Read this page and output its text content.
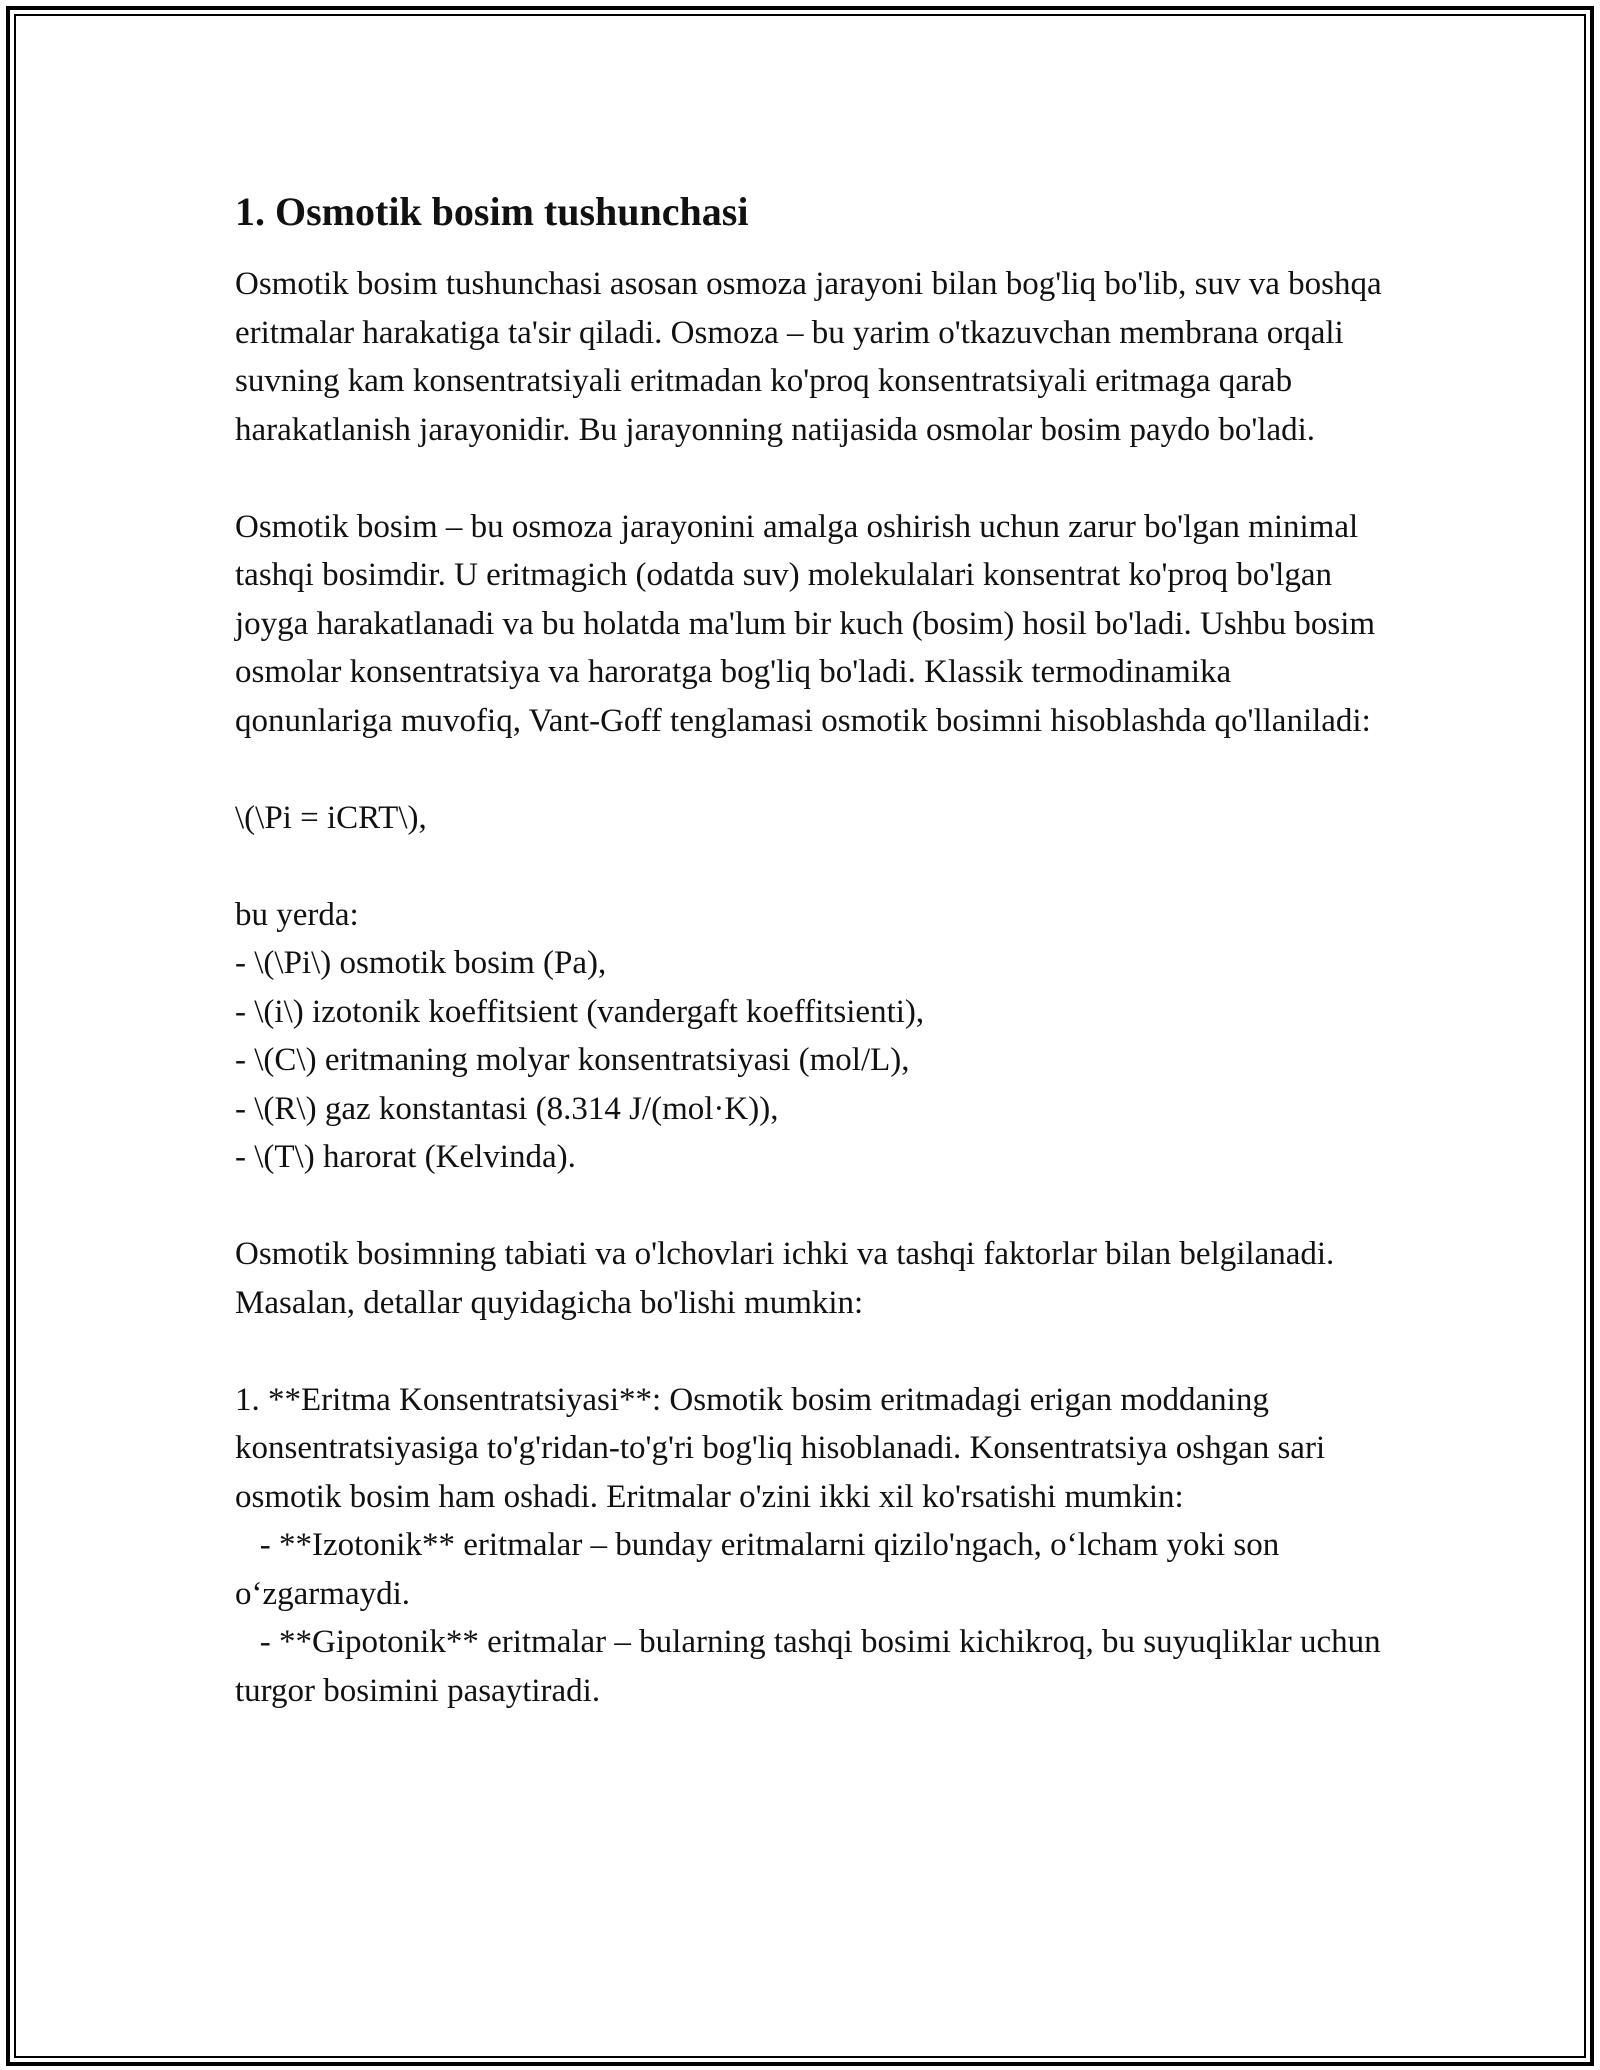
1. Osmotik bosim tushunchasi

Osmotik bosim tushunchasi asosan osmoza jarayoni bilan bog'liq bo'lib, suv va boshqa eritmalar harakatiga ta'sir qiladi. Osmoza – bu yarim o'tkazuvchan membrana orqali suvning kam konsentratsiyali eritmadan ko'proq konsentratsiyali eritmaga qarab harakatlanish jarayonidir. Bu jarayonning natijasida osmolar bosim paydo bo'ladi.

Osmotik bosim – bu osmoza jarayonini amalga oshirish uchun zarur bo'lgan minimal tashqi bosimdir. U eritmagich (odatda suv) molekulalari konsentrat ko'proq bo'lgan joyga harakatlanadi va bu holatda ma'lum bir kuch (bosim) hosil bo'ladi. Ushbu bosim osmolar konsentratsiya va haroratga bog'liq bo'ladi. Klassik termodinamika qonunlariga muvofiq, Vant-Goff tenglamasi osmotik bosimni hisoblashda qo'llaniladi:

\(\Pi = iCRT\),

bu yerda:
- \(\Pi\) osmotik bosim (Pa),
- \(i\) izotonik koeffitsient (vandergaft koeffitsienti),
- \(C\) eritmaning molyar konsentratsiyasi (mol/L),
- \(R\) gaz konstantasi (8.314 J/(mol·K)),
- \(T\) harorat (Kelvinda).

Osmotik bosimning tabiati va o'lchovlari ichki va tashqi faktorlar bilan belgilanadi. Masalan, detallar quyidagicha bo'lishi mumkin:

1. **Eritma Konsentratsiyasi**: Osmotik bosim eritmadagi erigan moddaning konsentratsiyasiga to'g'ridan-to'g'ri bog'liq hisoblanadi. Konsentratsiya oshgan sari osmotik bosim ham oshadi. Eritmalar o'zini ikki xil ko'rsatishi mumkin:

- **Izotonik** eritmalar – bunday eritmalarni qizilo'ngach, o‘lcham yoki son o‘zgarmaydi.

- **Gipotonik** eritmalar – bularning tashqi bosimi kichikroq, bu suyuqliklar uchun turgor bosimini pasaytiradi.
